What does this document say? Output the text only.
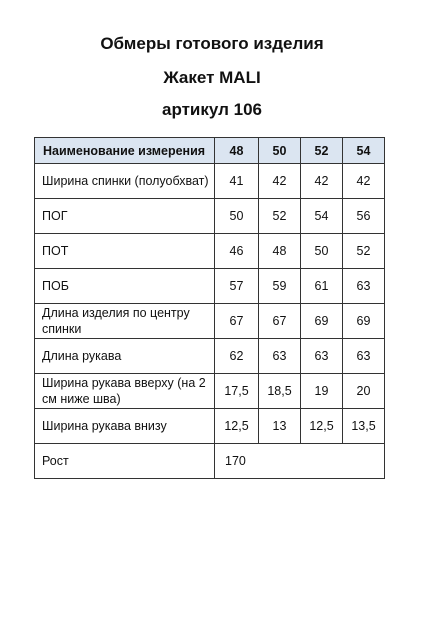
Обмеры готового изделия
Жакет MALI
артикул 106
Наименование измерения	48	50	52	54
Ширина спинки (полуобхват)	41	42	42	42
ПОГ	50	52	54	56
ПОТ	46	48	50	52
ПОБ	57	59	61	63
Длина изделия по центру спинки	67	67	69	69
Длина рукава	62	63	63	63
Ширина рукава вверху (на 2 см ниже шва)	17,5	18,5	19	20
Ширина рукава внизу	12,5	13	12,5	13,5
Рост	170			
